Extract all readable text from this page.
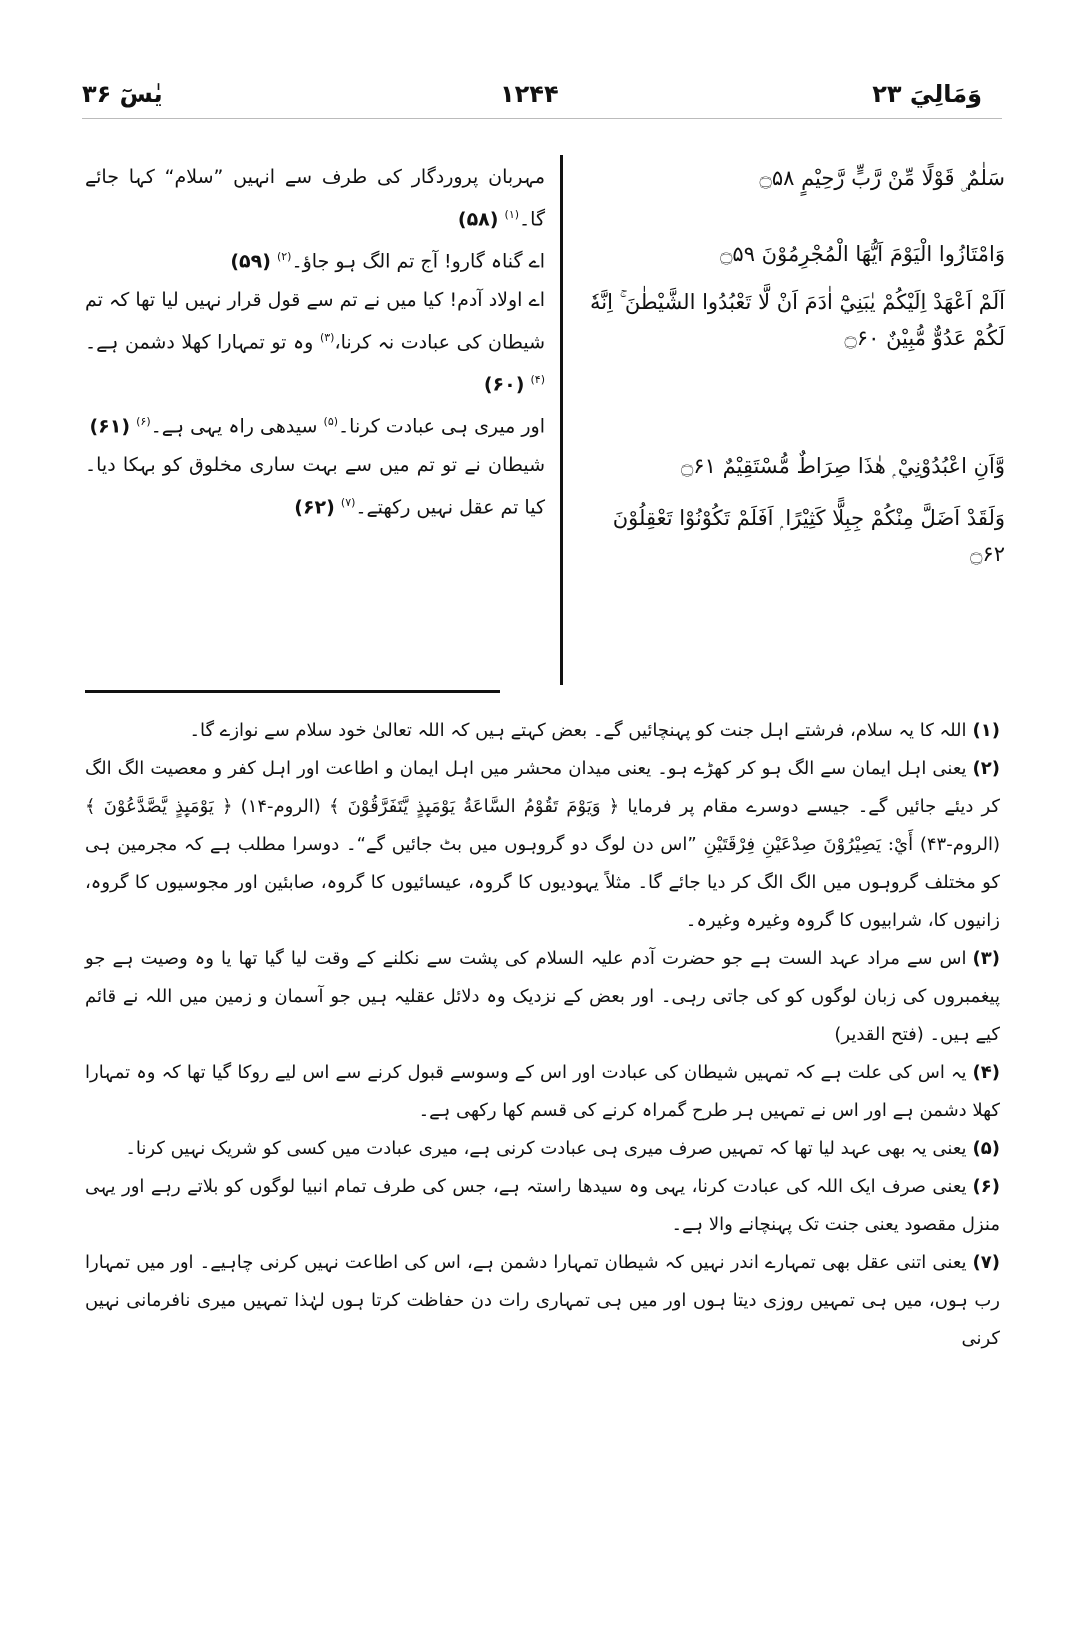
وَمَالِيَ ۲۳
۱۲۴۴
یٰسٓ ۳۶
سَلٰمٌ ۣ قَوْلًا مِّنْ رَّبٍّ رَّحِيْمٍ ۝۵۸
وَامْتَازُوا الْيَوْمَ اَيُّهَا الْمُجْرِمُوْنَ ۝۵۹
اَلَمْ اَعْهَدْ اِلَيْكُمْ يٰبَنِيْٓ اٰدَمَ اَنْ لَّا تَعْبُدُوا الشَّيْطٰنَ ۚ اِنَّهٗ لَكُمْ عَدُوٌّ مُّبِيْنٌ ۝۶۰
وَّاَنِ اعْبُدُوْنِيْ ۭ هٰذَا صِرَاطٌ مُّسْتَقِيْمٌ ۝۶۱
وَلَقَدْ اَضَلَّ مِنْكُمْ جِبِلًّا كَثِيْرًا ۭ اَفَلَمْ تَكُوْنُوْا تَعْقِلُوْنَ ۝۶۲

مہربان پروردگار کی طرف سے انہیں ”سلام“ کہا جائے گا۔$^{(۱)}$ (۵۸)

اے گناہ گارو! آج تم الگ ہو جاؤ۔$^{(۲)}$ (۵۹)

اے اولاد آدم! کیا میں نے تم سے قول قرار نہیں لیا تھا کہ تم شیطان کی عبادت نہ کرنا،$^{(۳)}$ وہ تو تمہارا کھلا دشمن ہے۔$^{(۴)}$ (۶۰)

اور میری ہی عبادت کرنا۔$^{(۵)}$ سیدھی راہ یہی ہے۔$^{(۶)}$ (۶۱)

شیطان نے تو تم میں سے بہت ساری مخلوق کو بہکا دیا۔ کیا تم عقل نہیں رکھتے۔$^{(۷)}$ (۶۲)

(۱)اللہ کا یہ سلام، فرشتے اہل جنت کو پہنچائیں گے۔ بعض کہتے ہیں کہ اللہ تعالیٰ خود سلام سے نوازے گا۔

(۲)یعنی اہل ایمان سے الگ ہو کر کھڑے ہو۔ یعنی میدان محشر میں اہل ایمان و اطاعت اور اہل کفر و معصیت الگ الگ کر دیئے جائیں گے۔ جیسے دوسرے مقام پر فرمایا ﴿ وَيَوْمَ تَقُوْمُ السَّاعَةُ يَوْمَىِٕذٍ يَّتَفَرَّقُوْنَ ﴾ (الروم-۱۴) ﴿ يَوْمَىِٕذٍ يَّصَّدَّعُوْنَ ﴾ (الروم-۴۳) أَيْ: يَصِيْرُوْنَ صِدْعَيْنِ فِرْقَتَيْنِ ”اس دن لوگ دو گروہوں میں بٹ جائیں گے“۔ دوسرا مطلب ہے کہ مجرمین ہی کو مختلف گروہوں میں الگ الگ کر دیا جائے گا۔ مثلاً یہودیوں کا گروہ، عیسائیوں کا گروہ، صابئین اور مجوسیوں کا گروہ، زانیوں کا، شرابیوں کا گروہ وغیرہ وغیرہ۔

(۳)اس سے مراد عہد الست ہے جو حضرت آدم علیہ السلام کی پشت سے نکلنے کے وقت لیا گیا تھا یا وہ وصیت ہے جو پیغمبروں کی زبان لوگوں کو کی جاتی رہی۔ اور بعض کے نزدیک وہ دلائل عقلیہ ہیں جو آسمان و زمین میں اللہ نے قائم کیے ہیں۔ (فتح القدیر)

(۴)یہ اس کی علت ہے کہ تمہیں شیطان کی عبادت اور اس کے وسوسے قبول کرنے سے اس لیے روکا گیا تھا کہ وہ تمہارا کھلا دشمن ہے اور اس نے تمہیں ہر طرح گمراہ کرنے کی قسم کھا رکھی ہے۔

(۵)یعنی یہ بھی عہد لیا تھا کہ تمہیں صرف میری ہی عبادت کرنی ہے، میری عبادت میں کسی کو شریک نہیں کرنا۔

(۶)یعنی صرف ایک اللہ کی عبادت کرنا، یہی وہ سیدھا راستہ ہے، جس کی طرف تمام انبیا لوگوں کو بلاتے رہے اور یہی منزل مقصود یعنی جنت تک پہنچانے والا ہے۔

(۷)یعنی اتنی عقل بھی تمہارے اندر نہیں کہ شیطان تمہارا دشمن ہے، اس کی اطاعت نہیں کرنی چاہیے۔ اور میں تمہارا رب ہوں، میں ہی تمہیں روزی دیتا ہوں اور میں ہی تمہاری رات دن حفاظت کرتا ہوں لہٰذا تمہیں میری نافرمانی نہیں کرنی
